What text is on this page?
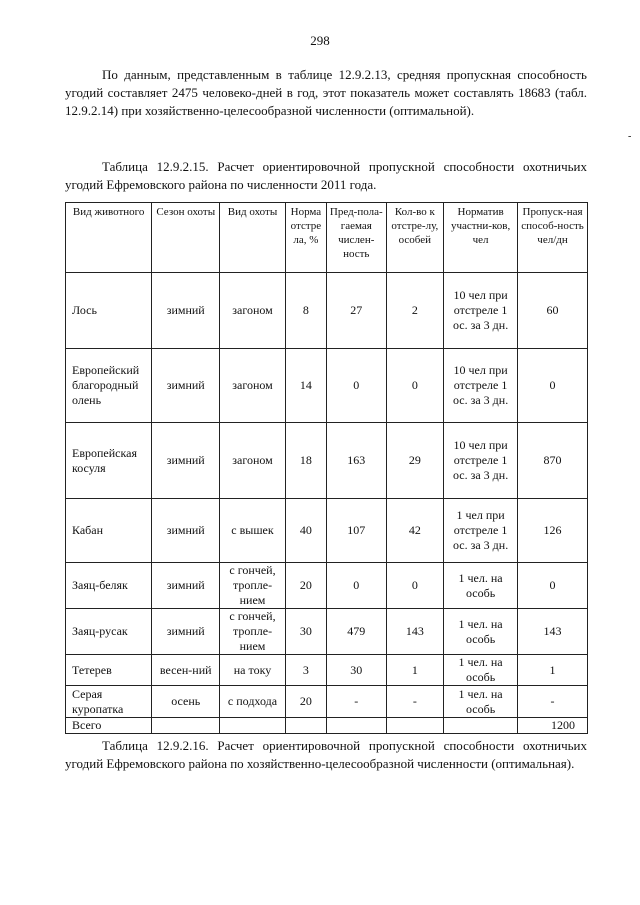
298

По данным, представленным в таблице 12.9.2.13, средняя пропускная способность угодий составляет 2475 человеко-дней в год, этот показатель может составлять 18683 (табл. 12.9.2.14) при хозяйственно-целесообразной численности (оптимальной).

-

Таблица 12.9.2.15. Расчет ориентировочной пропускной способности охотничьих угодий Ефремовского района по численности 2011 года.

Вид животного	Сезон охоты	Вид охоты	Норма отстре ла, %	Пред-пола-гаемая числен-ность	Кол-во к отстре-лу, особей	Норматив участни-ков, чел	Пропуск-ная способ-ность чел/дн
Лось	зимний	загоном	8	27	2	10 чел при отстреле 1 ос. за 3 дн.	60
Европейский благородный олень	зимний	загоном	14	0	0	10 чел при отстреле 1 ос. за 3 дн.	0
Европейская косуля	зимний	загоном	18	163	29	10 чел при отстреле 1 ос. за 3 дн.	870
Кабан	зимний	с вышек	40	107	42	1 чел при отстреле 1 ос. за 3 дн.	126
Заяц-беляк	зимний	с гончей, тропле-нием	20	0	0	1 чел. на особь	0
Заяц-русак	зимний	с гончей, тропле-нием	30	479	143	1 чел. на особь	143
Тетерев	весен-ний	на току	3	30	1	1 чел. на особь	1
Серая куропатка	осень	с подхода	20	-	-	1 чел. на особь	-
Всего							1200

Таблица 12.9.2.16. Расчет ориентировочной пропускной способности охотничьих угодий Ефремовского района по хозяйственно-целесообразной численности (оптимальная).
